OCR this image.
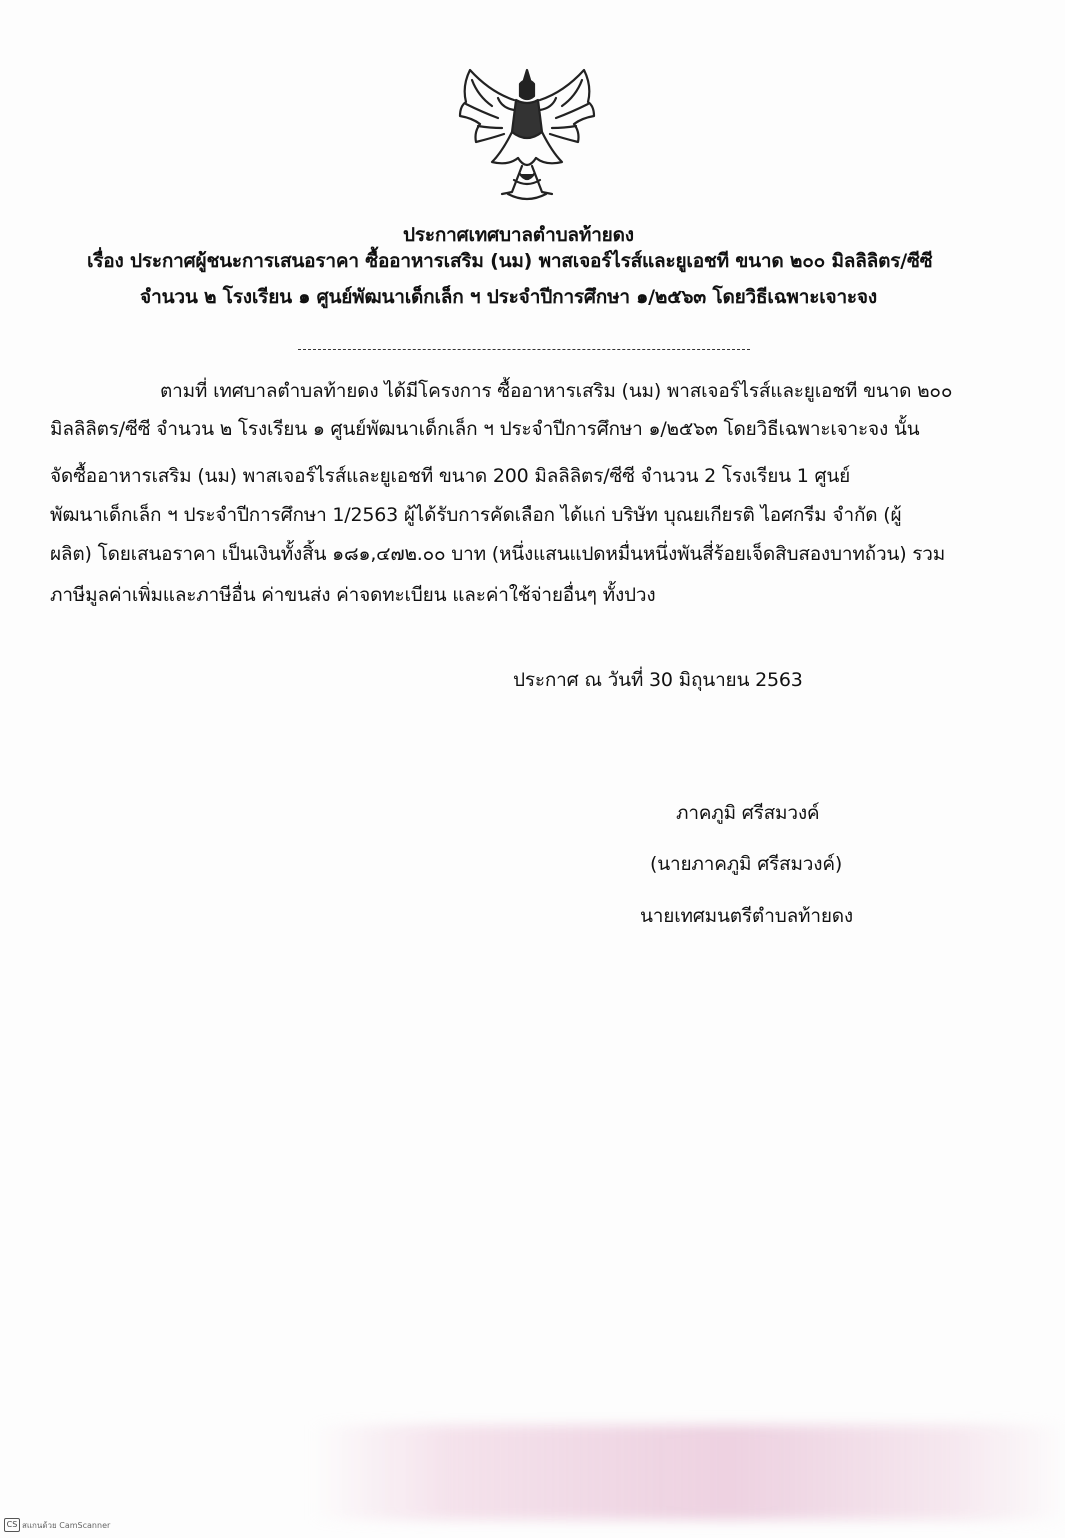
ประกาศเทศบาลตำบลท้ายดง
เรื่อง ประกาศผู้ชนะการเสนอราคา ซื้ออาหารเสริม (นม) พาสเจอร์ไรส์และยูเอชที ขนาด ๒๐๐ มิลลิลิตร/ซีซี
จำนวน ๒ โรงเรียน ๑ ศูนย์พัฒนาเด็กเล็ก ฯ ประจำปีการศึกษา ๑/๒๕๖๓ โดยวิธีเฉพาะเจาะจง
ตามที่ เทศบาลตำบลท้ายดง ได้มีโครงการ ซื้ออาหารเสริม (นม) พาสเจอร์ไรส์และยูเอชที ขนาด ๒๐๐
มิลลิลิตร/ซีซี จำนวน ๒ โรงเรียน ๑ ศูนย์พัฒนาเด็กเล็ก ฯ ประจำปีการศึกษา ๑/๒๕๖๓ โดยวิธีเฉพาะเจาะจง นั้น
จัดซื้ออาหารเสริม (นม) พาสเจอร์ไรส์และยูเอชที ขนาด 200 มิลลิลิตร/ซีซี จำนวน 2 โรงเรียน 1 ศูนย์
พัฒนาเด็กเล็ก ฯ ประจำปีการศึกษา 1/2563 ผู้ได้รับการคัดเลือก ได้แก่ บริษัท บุณยเกียรติ ไอศกรีม จำกัด (ผู้
ผลิต) โดยเสนอราคา เป็นเงินทั้งสิ้น ๑๘๑,๔๗๒.๐๐ บาท (หนึ่งแสนแปดหมื่นหนึ่งพันสี่ร้อยเจ็ดสิบสองบาทถ้วน) รวม
ภาษีมูลค่าเพิ่มและภาษีอื่น ค่าขนส่ง ค่าจดทะเบียน และค่าใช้จ่ายอื่นๆ ทั้งปวง
ประกาศ ณ วันที่ 30 มิถุนายน 2563
ภาคภูมิ ศรีสมวงค์
(นายภาคภูมิ ศรีสมวงค์)
นายเทศมนตรีตำบลท้ายดง
CS สแกนด้วย CamScanner
